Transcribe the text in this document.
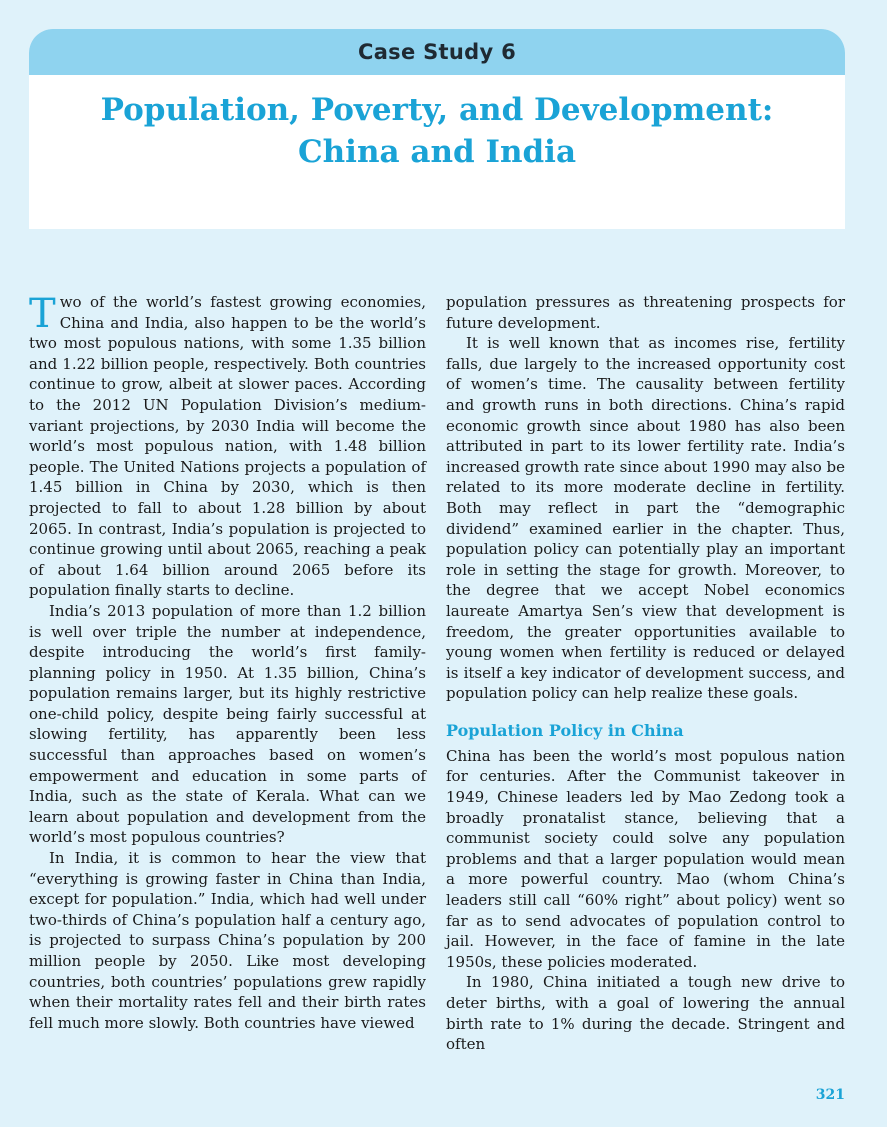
Case Study 6
Population, Poverty, and Development:
China and India

Two of the world’s fastest growing economies, China and India, also happen to be the world’s two most populous nations, with some 1.35 billion and 1.22 billion people, respectively. Both countries continue to grow, albeit at slower paces. According to the 2012 UN Population Division’s medium-variant projections, by 2030 India will become the world’s most populous nation, with 1.48 billion people. The United Nations projects a population of 1.45 billion in China by 2030, which is then projected to fall to about 1.28 billion by about 2065. In contrast, India’s population is projected to continue growing until about 2065, reaching a peak of about 1.64 billion around 2065 before its population finally starts to decline.

India’s 2013 population of more than 1.2 billion is well over triple the number at independence, despite introducing the world’s first family-planning policy in 1950. At 1.35 billion, China’s population remains larger, but its highly restrictive one-child policy, despite being fairly successful at slowing fertility, has apparently been less successful than approaches based on women’s empowerment and education in some parts of India, such as the state of Kerala. What can we learn about population and development from the world’s most populous countries?

In India, it is common to hear the view that “everything is growing faster in China than India, except for population.” India, which had well under two-thirds of China’s population half a century ago, is projected to surpass China’s population by 200 million people by 2050. Like most developing countries, both countries’ populations grew rapidly when their mortality rates fell and their birth rates fell much more slowly. Both countries have viewed

population pressures as threatening prospects for future development.

It is well known that as incomes rise, fertility falls, due largely to the increased opportunity cost of women’s time. The causality between fertility and growth runs in both directions. China’s rapid economic growth since about 1980 has also been attributed in part to its lower fertility rate. India’s increased growth rate since about 1990 may also be related to its more moderate decline in fertility. Both may reflect in part the “demographic dividend” examined earlier in the chapter. Thus, population policy can potentially play an important role in setting the stage for growth. Moreover, to the degree that we accept Nobel economics laureate Amartya Sen’s view that development is freedom, the greater opportunities available to young women when fertility is reduced or delayed is itself a key indicator of development success, and population policy can help realize these goals.

Population Policy in China

China has been the world’s most populous nation for centuries. After the Communist takeover in 1949, Chinese leaders led by Mao Zedong took a broadly pronatalist stance, believing that a communist society could solve any population problems and that a larger population would mean a more powerful country. Mao (whom China’s leaders still call “60% right” about policy) went so far as to send advocates of population control to jail. However, in the face of famine in the late 1950s, these policies moderated.

In 1980, China initiated a tough new drive to deter births, with a goal of lowering the annual birth rate to 1% during the decade. Stringent and often

321
